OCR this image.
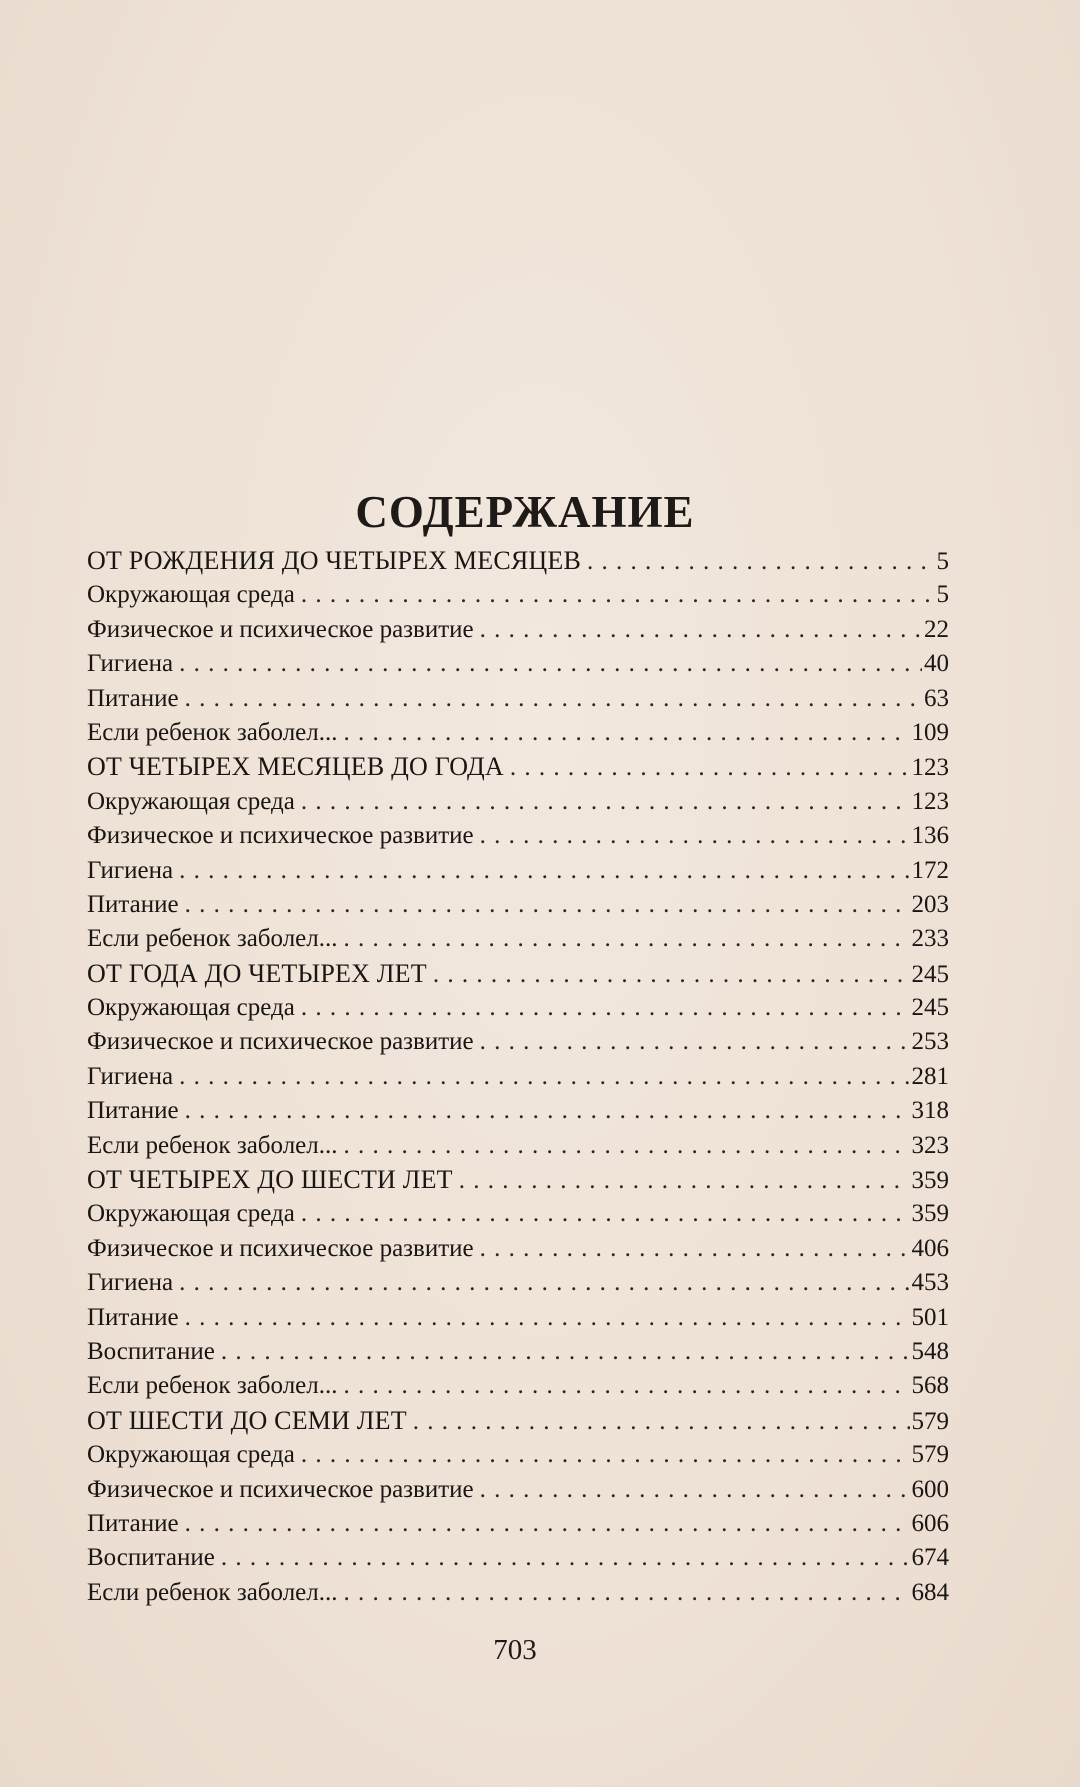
СОДЕРЖАНИЕ
ОТ РОЖДЕНИЯ ДО ЧЕТЫРЕХ МЕСЯЦЕВ . . .	5
Окружающая среда . . .	5
Физическое и психическое развитие . . .	22
Гигиена . . .	40
Питание . . .	63
Если ребенок заболел... . . .	109
ОТ ЧЕТЫРЕХ МЕСЯЦЕВ ДО ГОДА . . .	123
Окружающая среда . . .	123
Физическое и психическое развитие . . .	136
Гигиена . . .	172
Питание . . .	203
Если ребенок заболел... . . .	233
ОТ ГОДА ДО ЧЕТЫРЕХ ЛЕТ . . .	245
Окружающая среда . . .	245
Физическое и психическое развитие . . .	253
Гигиена . . .	281
Питание . . .	318
Если ребенок заболел... . . .	323
ОТ ЧЕТЫРЕХ ДО ШЕСТИ ЛЕТ . . .	359
Окружающая среда . . .	359
Физическое и психическое развитие . . .	406
Гигиена . . .	453
Питание . . .	501
Воспитание . . .	548
Если ребенок заболел... . . .	568
ОТ ШЕСТИ ДО СЕМИ ЛЕТ . . .	579
Окружающая среда . . .	579
Физическое и психическое развитие . . .	600
Питание . . .	606
Воспитание . . .	674
Если ребенок заболел... . . .	684
703
